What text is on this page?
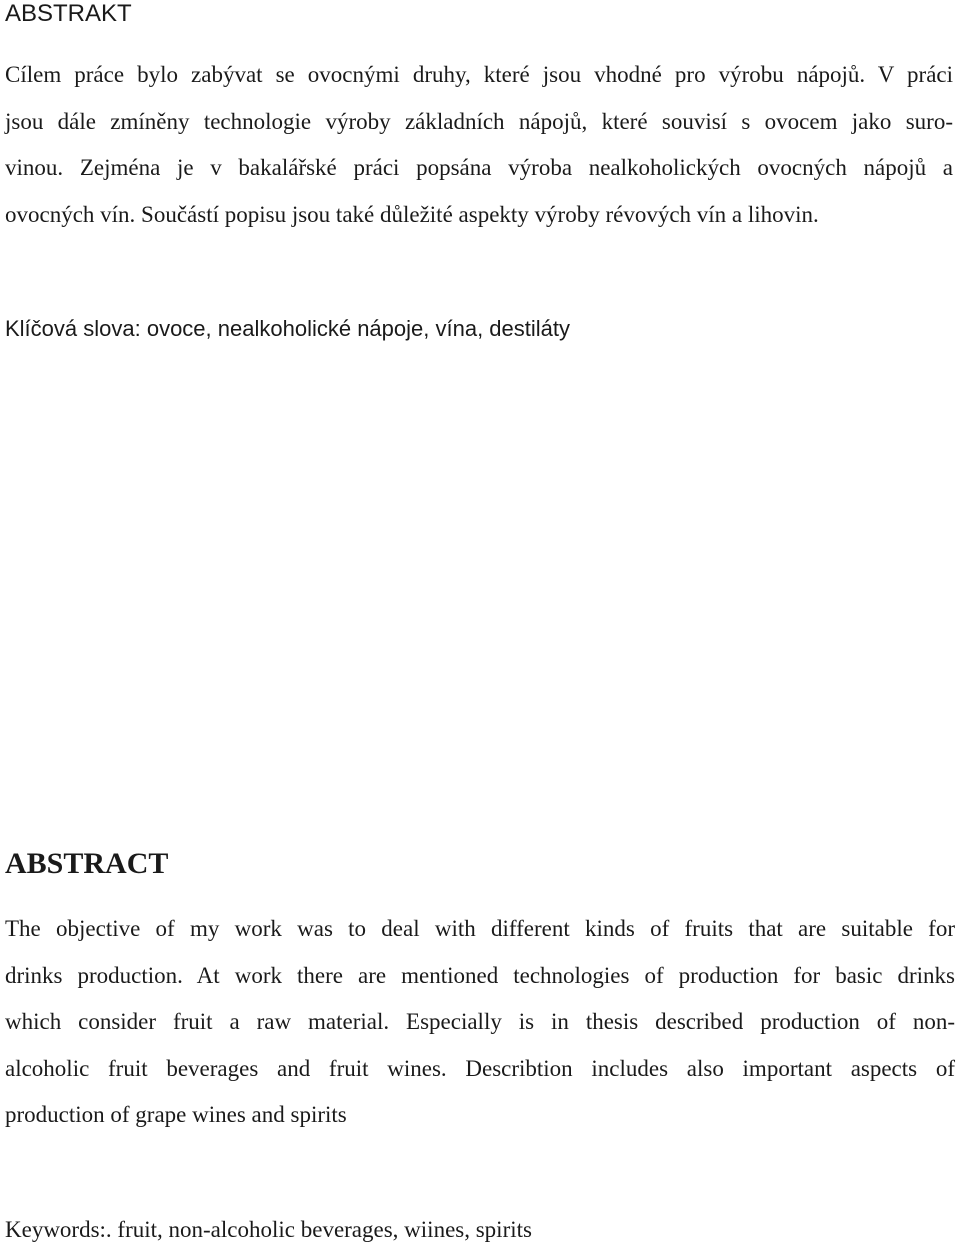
ABSTRAKT

Cílem práce bylo zabývat se ovocnými druhy, které jsou vhodné pro výrobu nápojů. V práci
jsou dále zmíněny technologie výroby základních nápojů, které souvisí s ovocem jako suro-
vinou. Zejména je v bakalářské práci popsána výroba nealkoholických ovocných nápojů a
ovocných vín. Součástí popisu jsou také důležité aspekty výroby révových vín a lihovin.

Klíčová slova: ovoce, nealkoholické nápoje, vína, destiláty

ABSTRACT

The objective of my work was to deal with different kinds of fruits that are suitable for
drinks production. At work there are mentioned technologies of production for basic drinks
which consider fruit a raw material. Especially is in thesis described production of non-
alcoholic fruit beverages and fruit wines. Describtion includes also important aspects of
production of grape wines and spirits

Keywords:. fruit, non-alcoholic beverages, wiines, spirits
